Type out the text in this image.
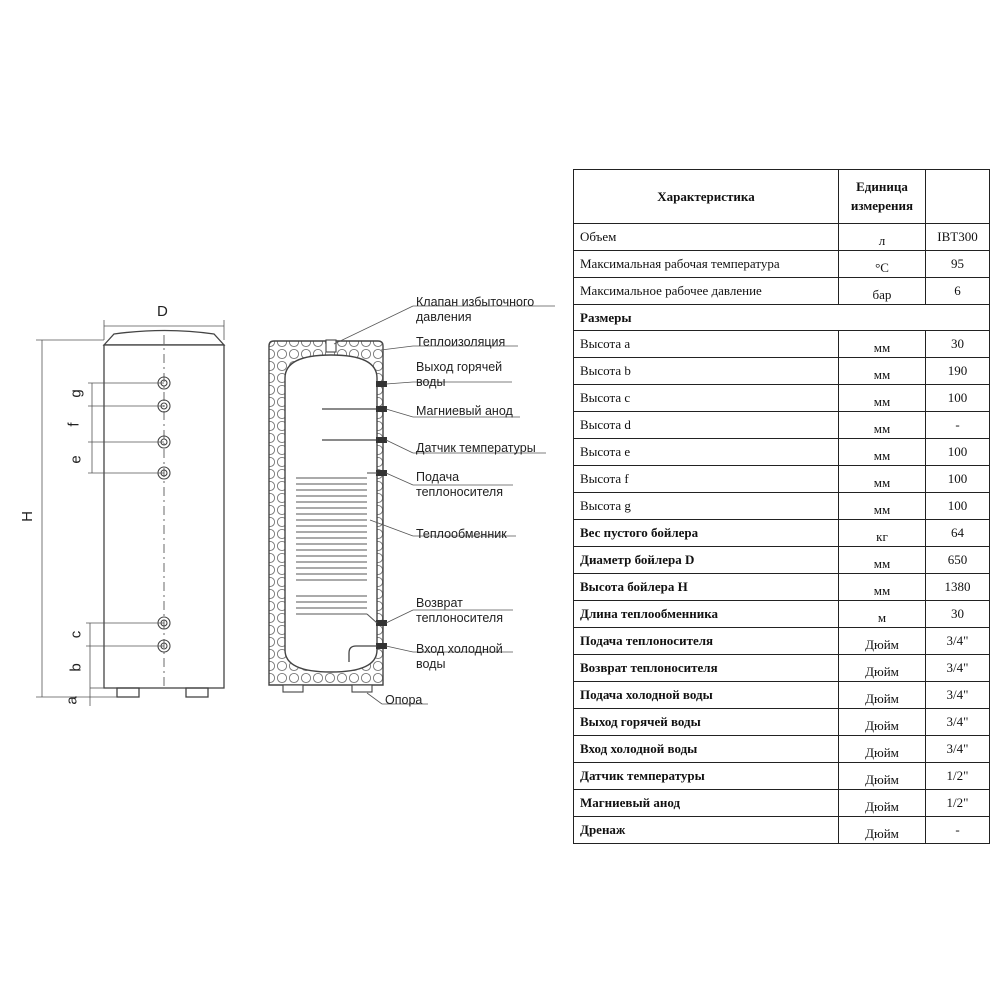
D
H
a
b
c
e
f
g
Клапан избыточного
давления
Теплоизоляция
Выход горячей
воды
Магниевый анод
Датчик температуры
Подача
теплоносителя
Теплообменник
Возврат
теплоносителя
Вход холодной
воды
Опора
Характеристика	Единица
измерения	
Объем	л	IBT300
Максимальная рабочая температура	°C	95
Максимальное рабочее давление	бар	6
Размеры		
Высота a	мм	30
Высота b	мм	190
Высота c	мм	100
Высота d	мм	-
Высота e	мм	100
Высота f	мм	100
Высота g	мм	100
Вес пустого бойлера	кг	64
Диаметр бойлера D	мм	650
Высота бойлера H	мм	1380
Длина теплообменника	м	30
Подача теплоносителя	Дюйм	3/4"
Возврат теплоносителя	Дюйм	3/4"
Подача холодной воды	Дюйм	3/4"
Выход горячей воды	Дюйм	3/4"
Вход холодной воды	Дюйм	3/4"
Датчик температуры	Дюйм	1/2"
Магниевый анод	Дюйм	1/2"
Дренаж	Дюйм	-
